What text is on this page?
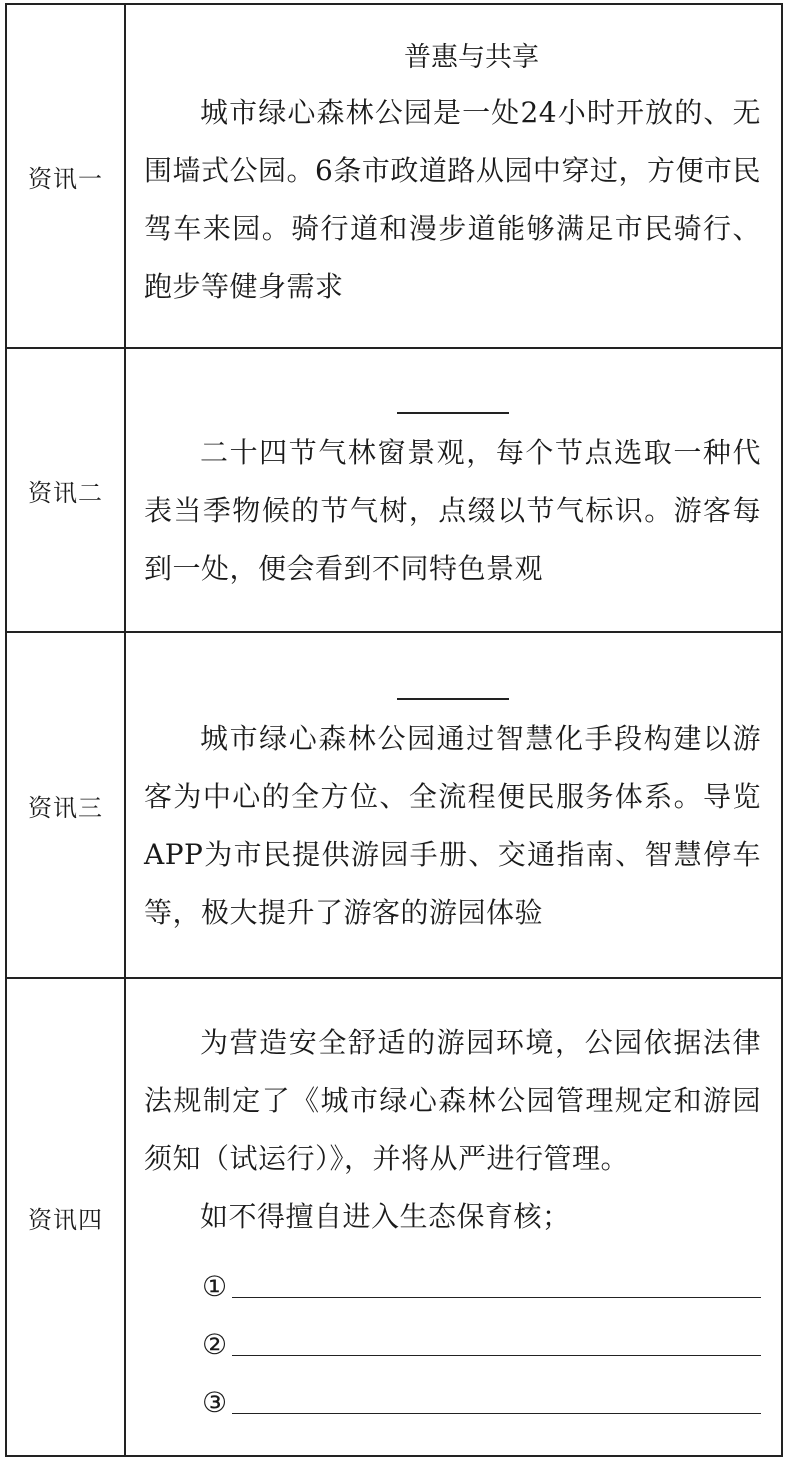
资讯一	普惠与共享

城市绿心森林公园是一处24小时开放的、无围墙式公园。6条市政道路从园中穿过，方便市民驾车来园。骑行道和漫步道能够满足市民骑行、跑步等健身需求

资讯二	二十四节气林窗景观，每个节点选取一种代表当季物候的节气树，点缀以节气标识。游客每到一处，便会看到不同特色景观

资讯三	城市绿心森林公园通过智慧化手段构建以游客为中心的全方位、全流程便民服务体系。导览APP为市民提供游园手册、交通指南、智慧停车等，极大提升了游客的游园体验

资讯四	为营造安全舒适的游园环境，公园依据法律法规制定了《城市绿心森林公园管理规定和游园须知（试运行）》，并将从严进行管理。

如不得擅自进入生态保育核；

①
②
③
